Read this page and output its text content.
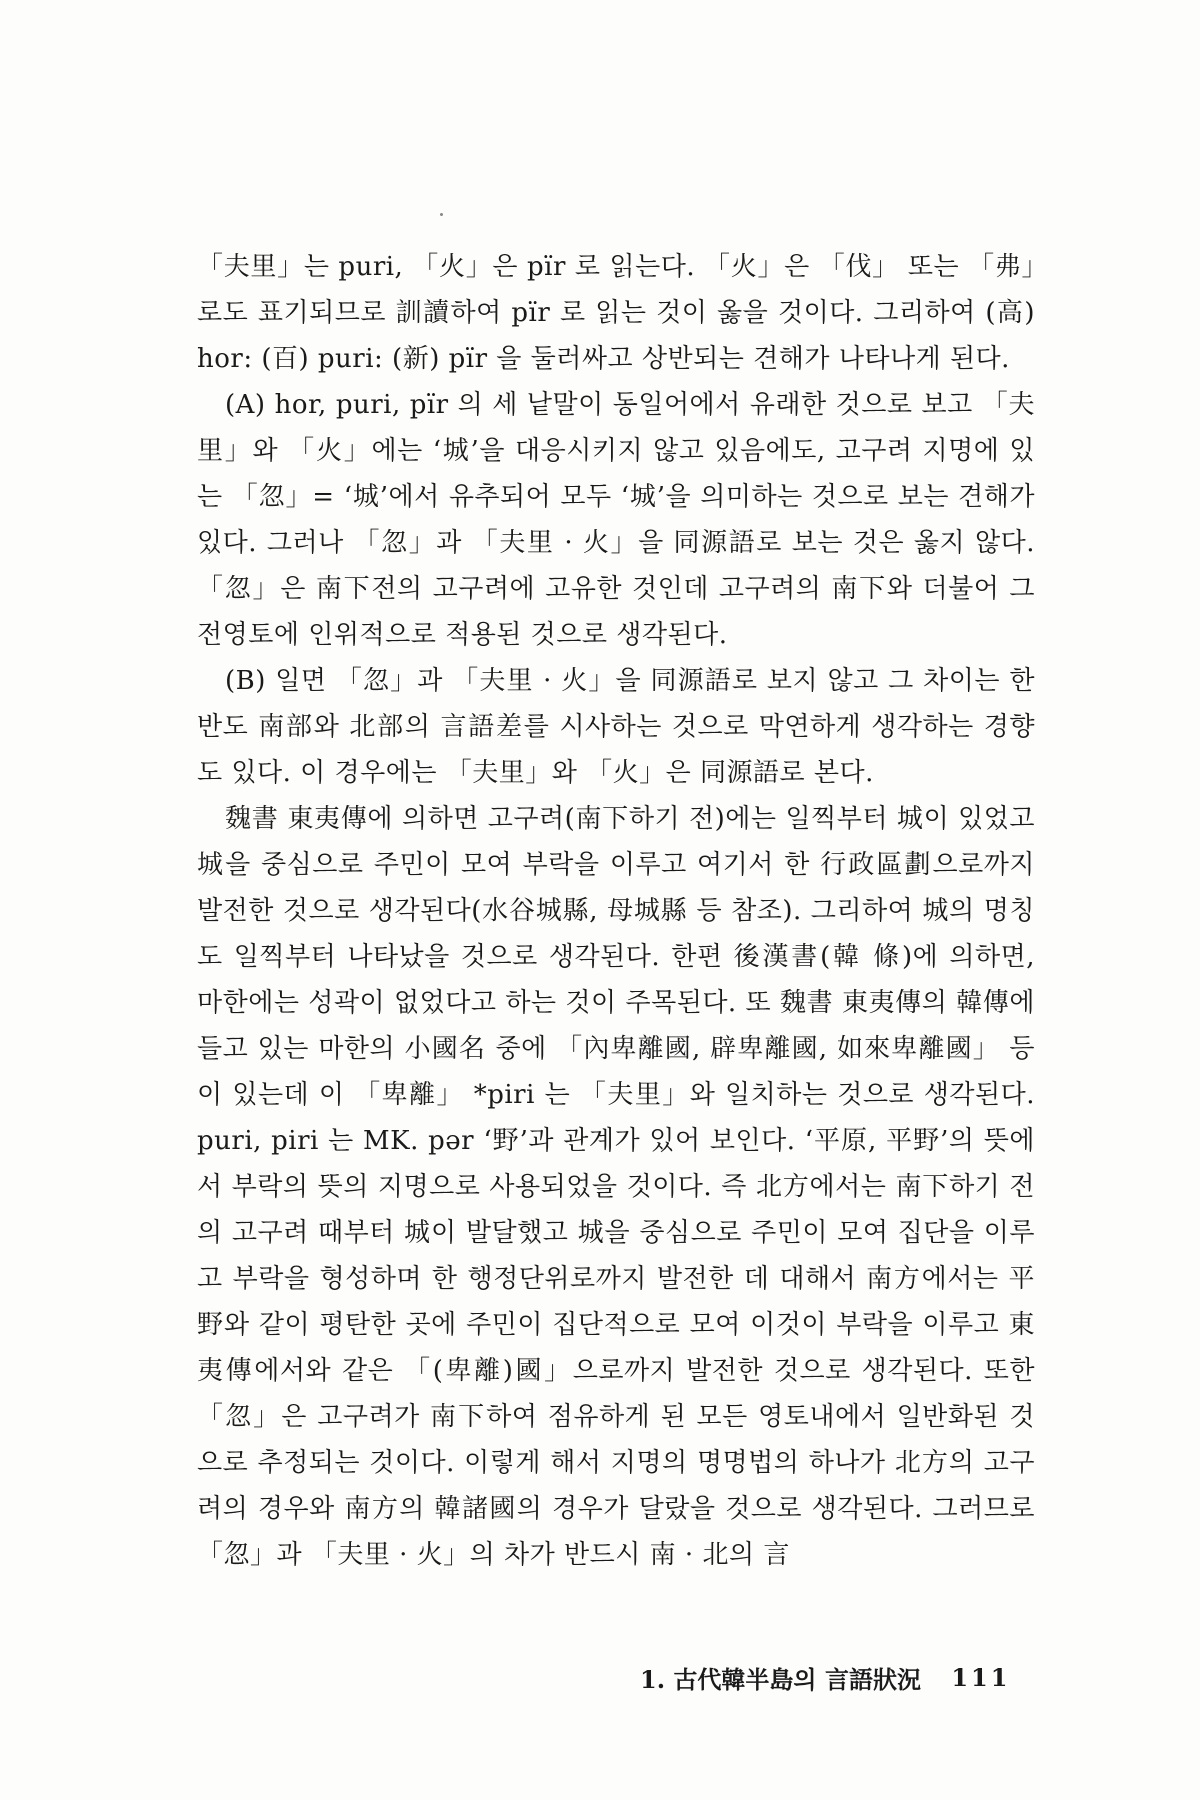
「夫里」는 puri, 「火」은 pïr 로 읽는다. 「火」은 「伐」 또는 「弗」로도 표기되므로 訓讀하여 pïr 로 읽는 것이 옳을 것이다. 그리하여 (高) hor: (百) puri: (新) pïr 을 둘러싸고 상반되는 견해가 나타나게 된다.

(A) hor, puri, pïr 의 세 낱말이 동일어에서 유래한 것으로 보고 「夫里」와 「火」에는 ‘城’을 대응시키지 않고 있음에도, 고구려 지명에 있는 「忽」= ‘城’에서 유추되어 모두 ‘城’을 의미하는 것으로 보는 견해가 있다. 그러나 「忽」과 「夫里 · 火」을 同源語로 보는 것은 옳지 않다. 「忽」은 南下전의 고구려에 고유한 것인데 고구려의 南下와 더불어 그 전영토에 인위적으로 적용된 것으로 생각된다.

(B) 일면 「忽」과 「夫里 · 火」을 同源語로 보지 않고 그 차이는 한반도 南部와 北部의 言語差를 시사하는 것으로 막연하게 생각하는 경향도 있다. 이 경우에는 「夫里」와 「火」은 同源語로 본다.

魏書 東夷傳에 의하면 고구려(南下하기 전)에는 일찍부터 城이 있었고 城을 중심으로 주민이 모여 부락을 이루고 여기서 한 行政區劃으로까지 발전한 것으로 생각된다(水谷城縣, 母城縣 등 참조). 그리하여 城의 명칭도 일찍부터 나타났을 것으로 생각된다. 한편 後漢書(韓 條)에 의하면, 마한에는 성곽이 없었다고 하는 것이 주목된다. 또 魏書 東夷傳의 韓傳에 들고 있는 마한의 小國名 중에 「內卑離國, 辟卑離國, 如來卑離國」 등이 있는데 이 「卑離」 *piri 는 「夫里」와 일치하는 것으로 생각된다. puri, piri 는 MK. pər ‘野’과 관계가 있어 보인다. ‘平原, 平野’의 뜻에서 부락의 뜻의 지명으로 사용되었을 것이다. 즉 北方에서는 南下하기 전의 고구려 때부터 城이 발달했고 城을 중심으로 주민이 모여 집단을 이루고 부락을 형성하며 한 행정단위로까지 발전한 데 대해서 南方에서는 平野와 같이 평탄한 곳에 주민이 집단적으로 모여 이것이 부락을 이루고 東夷傳에서와 같은 「(卑離)國」으로까지 발전한 것으로 생각된다. 또한 「忽」은 고구려가 南下하여 점유하게 된 모든 영토내에서 일반화된 것으로 추정되는 것이다. 이렇게 해서 지명의 명명법의 하나가 北方의 고구려의 경우와 南方의 韓諸國의 경우가 달랐을 것으로 생각된다. 그러므로 「忽」과 「夫里 · 火」의 차가 반드시 南 · 北의 言

1. 古代韓半島의 言語狀況 111
